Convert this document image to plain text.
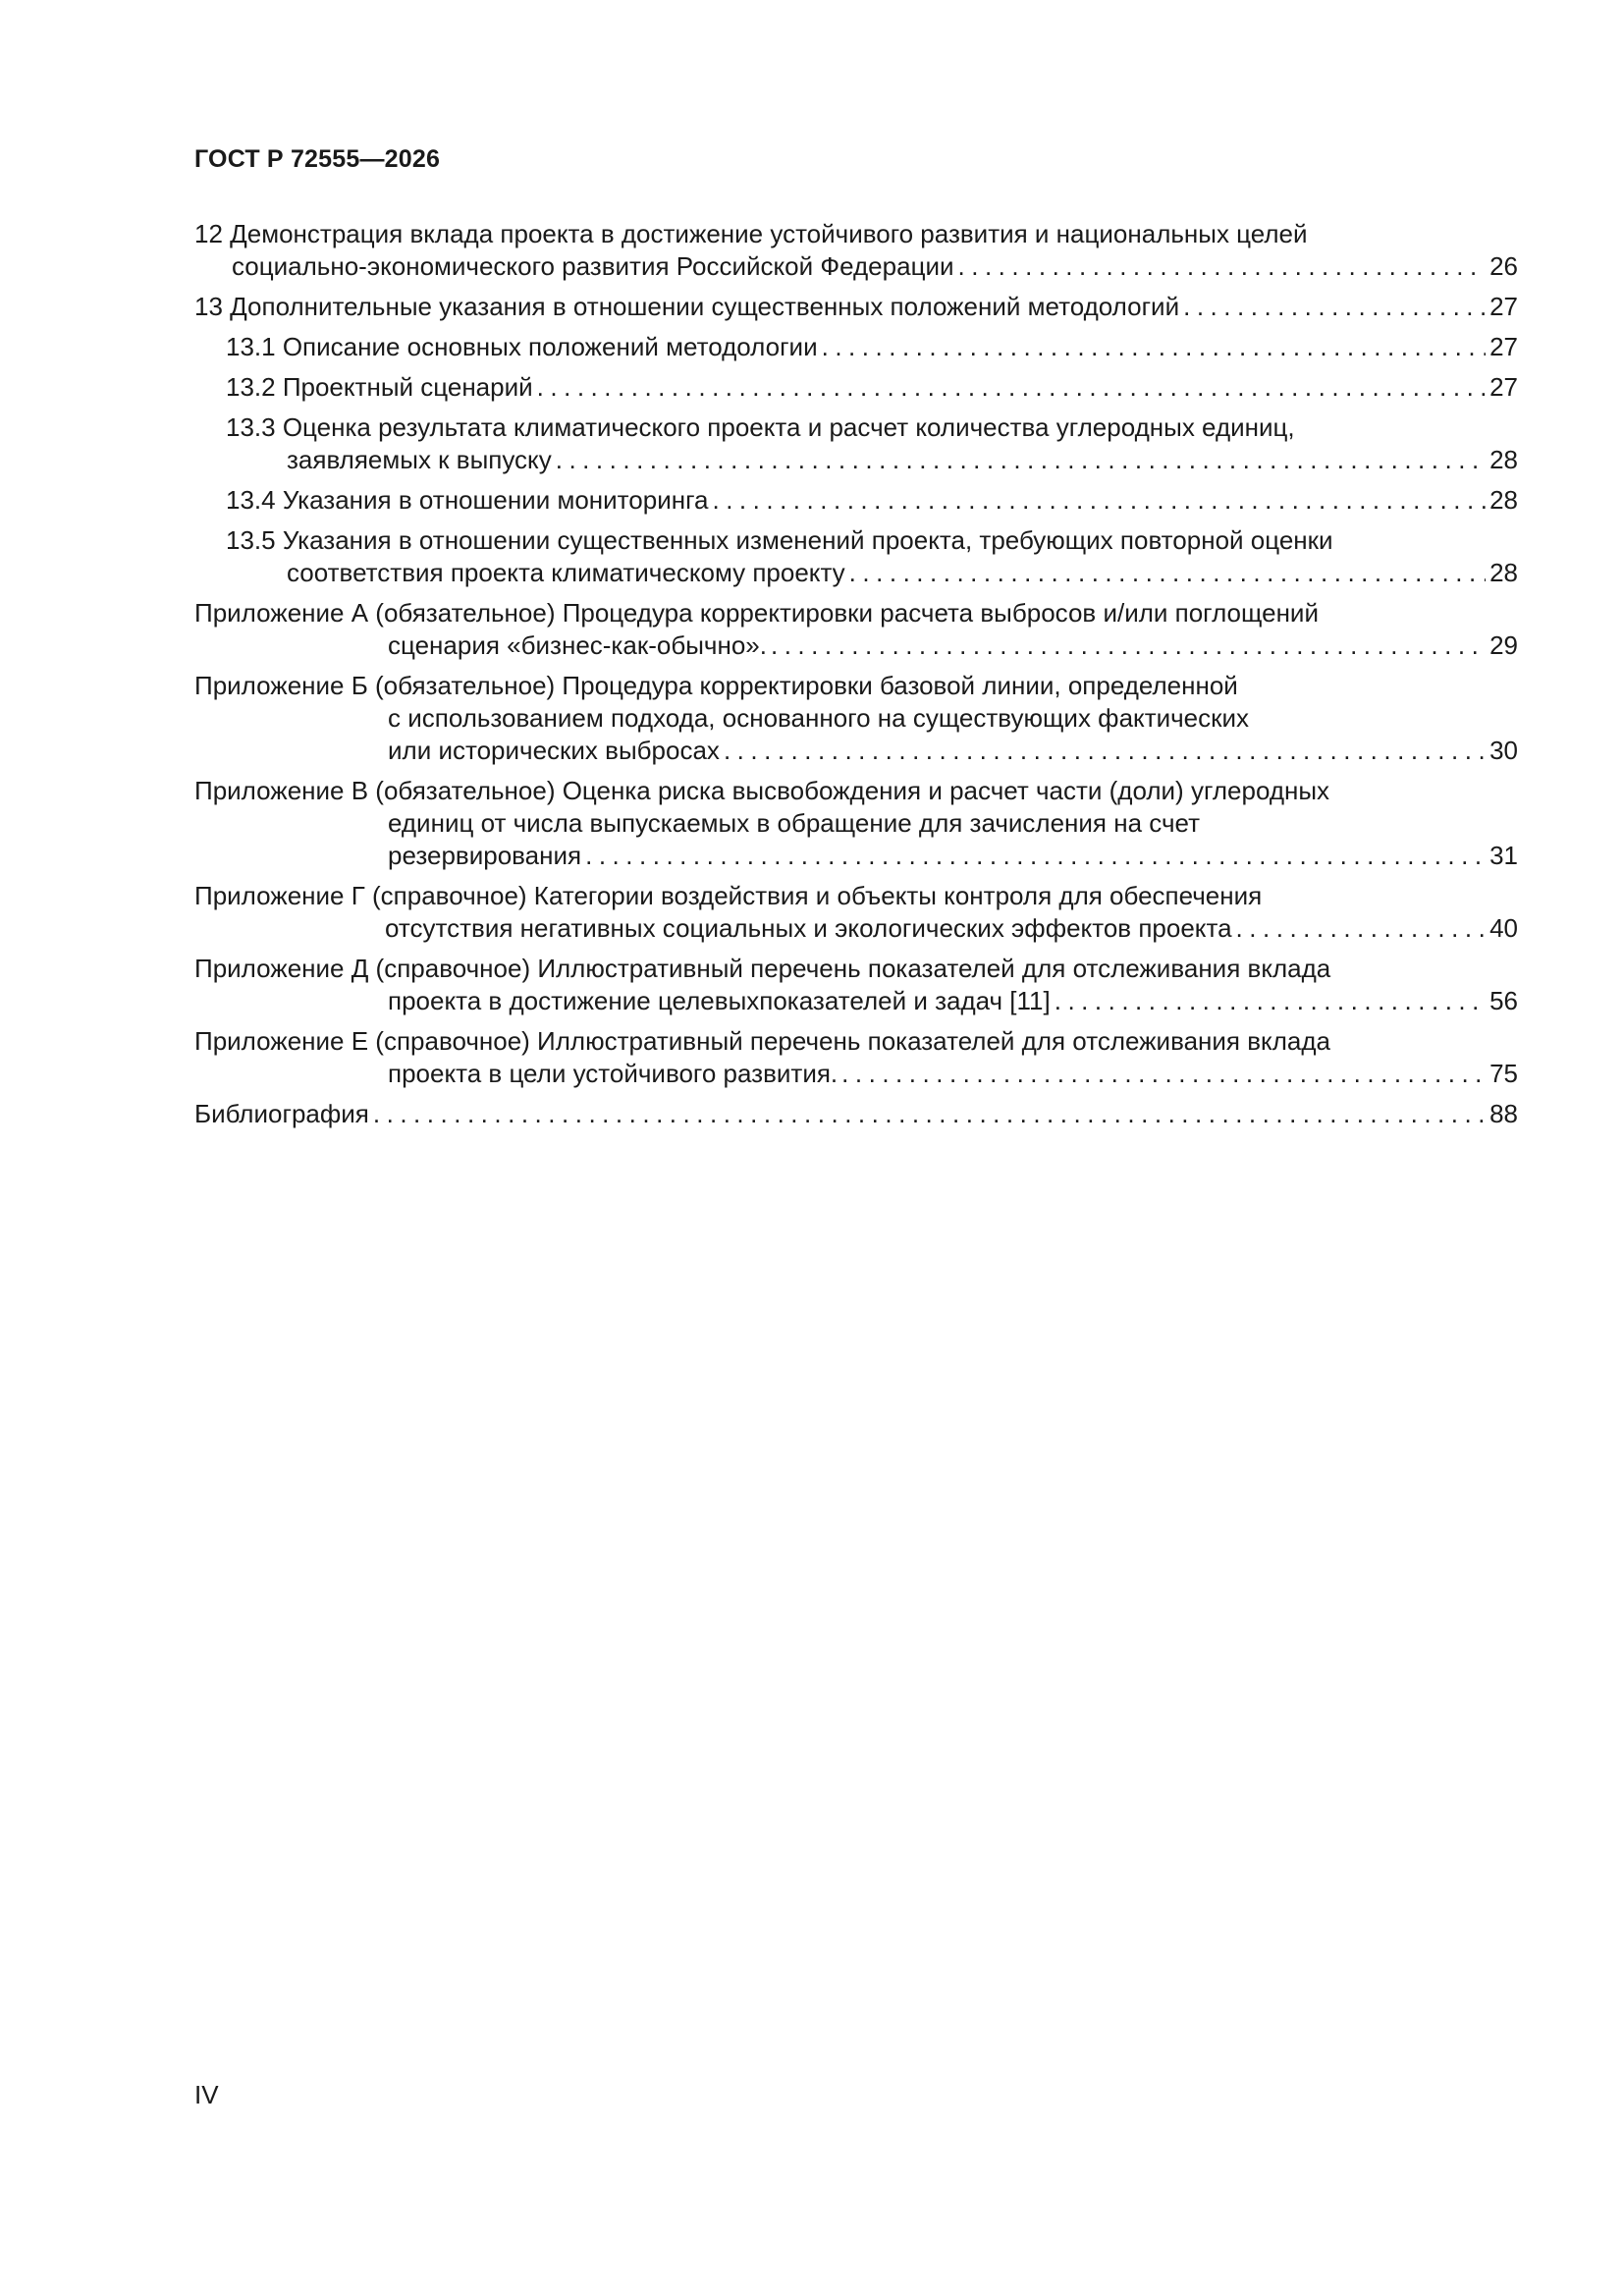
ГОСТ Р 72555—2026
12 Демонстрация вклада проекта в достижение устойчивого развития и национальных целей
социально-экономического развития Российской Федерации .....	26
13 Дополнительные указания в отношении существенных положений методологий .....	27
13.1 Описание основных положений методологии .....	27
13.2 Проектный сценарий .....	27
13.3 Оценка результата климатического проекта и расчет количества углеродных единиц,
заявляемых к выпуску .....	28
13.4 Указания в отношении мониторинга .....	28
13.5 Указания в отношении существенных изменений проекта, требующих повторной оценки
соответствия проекта климатическому проекту .....	28
Приложение А (обязательное) Процедура корректировки расчета выбросов и/или поглощений
сценария «бизнес-как-обычно». .....	29
Приложение Б (обязательное) Процедура корректировки базовой линии, определенной
с использованием подхода, основанного на существующих фактических
или исторических выбросах .....	30
Приложение В (обязательное) Оценка риска высвобождения и расчет части (доли) углеродных
единиц от числа выпускаемых в обращение для зачисления на счет
резервирования .....	31
Приложение Г (справочное) Категории воздействия и объекты контроля для обеспечения
отсутствия негативных социальных и экологических эффектов проекта .....	40
Приложение Д (справочное) Иллюстративный перечень показателей для отслеживания вклада
проекта в достижение целевыхпоказателей и задач [11] .....	56
Приложение Е (справочное) Иллюстративный перечень показателей для отслеживания вклада
проекта в цели устойчивого развития. .....	75
Библиография .....	88
IV
